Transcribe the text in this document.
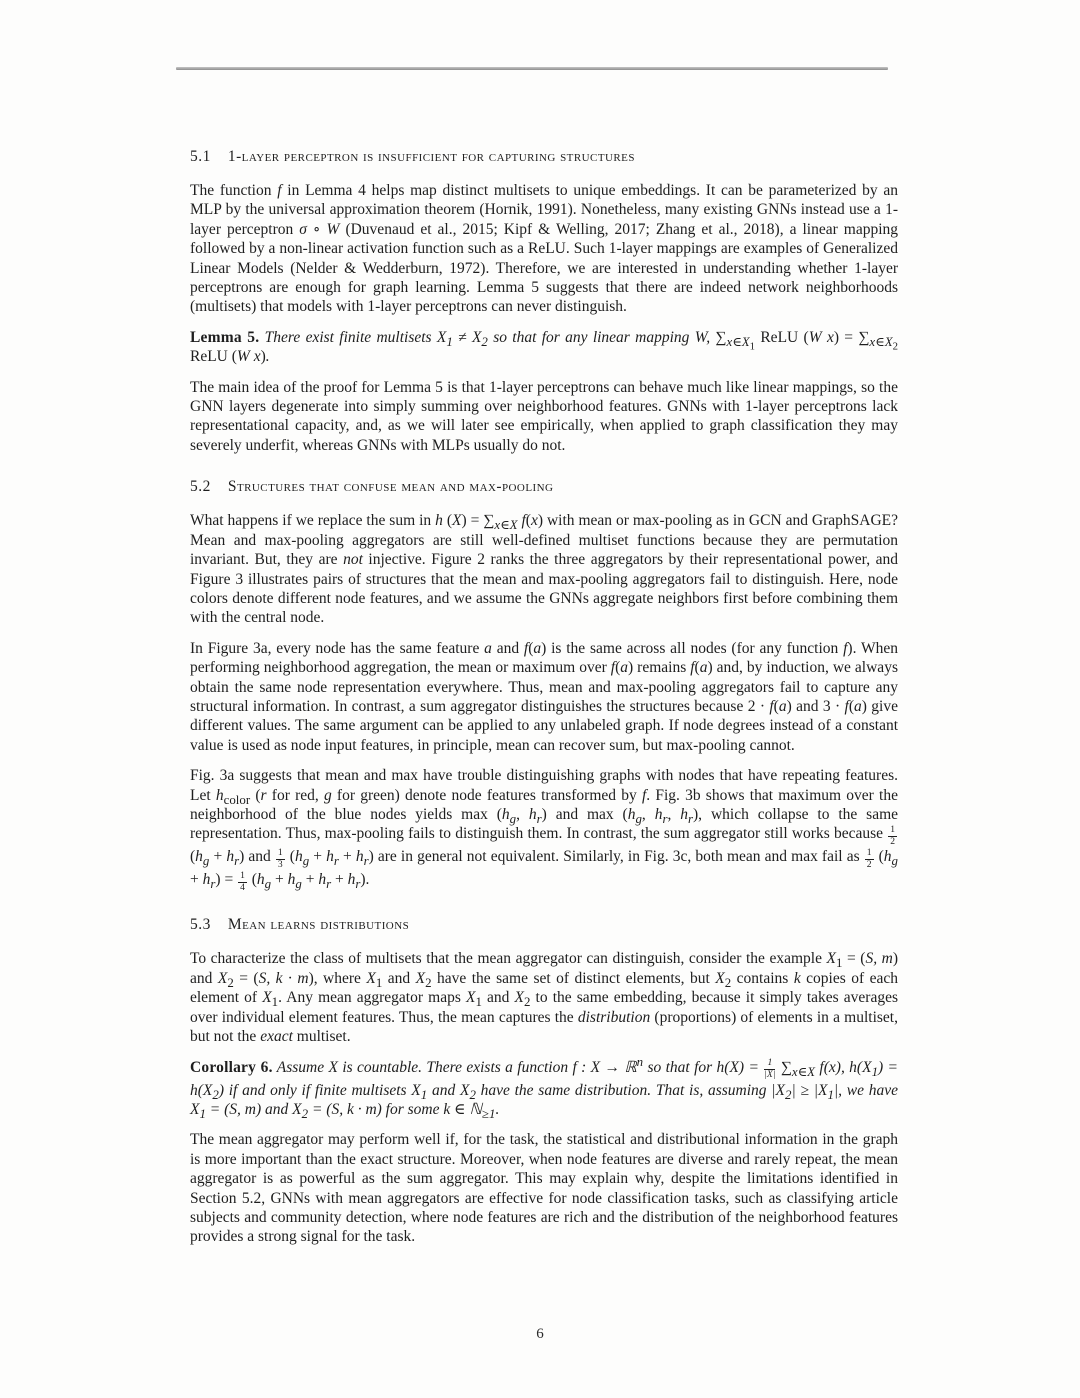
5.1 1-layer perceptron is insufficient for capturing structures

The function f in Lemma 4 helps map distinct multisets to unique embeddings. It can be parameterized by an MLP by the universal approximation theorem (Hornik, 1991). Nonetheless, many existing GNNs instead use a 1-layer perceptron σ ∘ W (Duvenaud et al., 2015; Kipf & Welling, 2017; Zhang et al., 2018), a linear mapping followed by a non-linear activation function such as a ReLU. Such 1-layer mappings are examples of Generalized Linear Models (Nelder & Wedderburn, 1972). Therefore, we are interested in understanding whether 1-layer perceptrons are enough for graph learning. Lemma 5 suggests that there are indeed network neighborhoods (multisets) that models with 1-layer perceptrons can never distinguish.

Lemma 5. There exist finite multisets $X_1 \ne X_2$ so that for any linear mapping W, $\sum_{x\in X_1}$ ReLU (W $x) = \sum_{x\in X_2}$ ReLU (W x).

The main idea of the proof for Lemma 5 is that 1-layer perceptrons can behave much like linear mappings, so the GNN layers degenerate into simply summing over neighborhood features. GNNs with 1-layer perceptrons lack representational capacity, and, as we will later see empirically, when applied to graph classification they may severely underfit, whereas GNNs with MLPs usually do not.

5.2 Structures that confuse mean and max-pooling

What happens if we replace the sum in h $(X) = \sum_{x\in X}$ f(x) with mean or max-pooling as in GCN and GraphSAGE? Mean and max-pooling aggregators are still well-defined multiset functions because they are permutation invariant. But, they are not injective. Figure 2 ranks the three aggregators by their representational power, and Figure 3 illustrates pairs of structures that the mean and max-pooling aggregators fail to distinguish. Here, node colors denote different node features, and we assume the GNNs aggregate neighbors first before combining them with the central node.

In Figure 3a, every node has the same feature a and f(a) is the same across all nodes (for any function f). When performing neighborhood aggregation, the mean or maximum over f(a) remains f(a) and, by induction, we always obtain the same node representation everywhere. Thus, mean and max-pooling aggregators fail to capture any structural information. In contrast, a sum aggregator distinguishes the structures because 2 · f(a) and 3 · f(a) give different values. The same argument can be applied to any unlabeled graph. If node degrees instead of a constant value is used as node input features, in principle, mean can recover sum, but max-pooling cannot.

Fig. 3a suggests that mean and max have trouble distinguishing graphs with nodes that have repeating features. Let $h_{color}$ (r for red, g for green) denote node features transformed by f. Fig. 3b shows that maximum over the neighborhood of the blue nodes yields $\max (h_g$, $h_r$) and $\max (h_g$, $h_r$, $h_r$), which collapse to the same representation. Thus, max-pooling fails to distinguish them. In contrast, the sum aggregator still works because $\frac{1}{2}$
$(h_g + h_r)$ and $\frac{1}{3} (h_g + h_r + h_r)$ are in general not equivalent. Similarly, in Fig. 3c, both mean and max fail as $\frac{1}{2} (h_g + h_r) = \frac{1}{4} (h_g + h_g + h_r + h_r)$.

5.3 Mean learns distributions

To characterize the class of multisets that the mean aggregator can distinguish, consider the example $X_1 = (S$, m) and $X_2 = (S$, k · m), where $X_1$ and $X_2$ have the same set of distinct elements, but $X_2$ contains k copies of each element of $X_1$. Any mean aggregator maps $X_1$ and $X_2$ to the same embedding, because it simply takes averages over individual element features. Thus, the mean captures the distribution (proportions) of elements in a multiset, but not the exact multiset.

Corollary 6. Assume X is countable. There exists a function f : X → ℝ$^n$ so that for $h(X) = \frac{1}{|X|} \sum_{x\in X}$ f(x), $h(X_1) = h(X_2)$ if and only if finite multisets $X_1$ and $X_2$ have the same distribution. That is, assuming $|X_2| \ge |X_1|$, we have $X_1 = (S$, m) and $X_2 = (S$, k · m) for some k ∈ ℕ$_{\ge 1}$.

The mean aggregator may perform well if, for the task, the statistical and distributional information in the graph is more important than the exact structure. Moreover, when node features are diverse and rarely repeat, the mean aggregator is as powerful as the sum aggregator. This may explain why, despite the limitations identified in Section 5.2, GNNs with mean aggregators are effective for node classification tasks, such as classifying article subjects and community detection, where node features are rich and the distribution of the neighborhood features provides a strong signal for the task.

6
